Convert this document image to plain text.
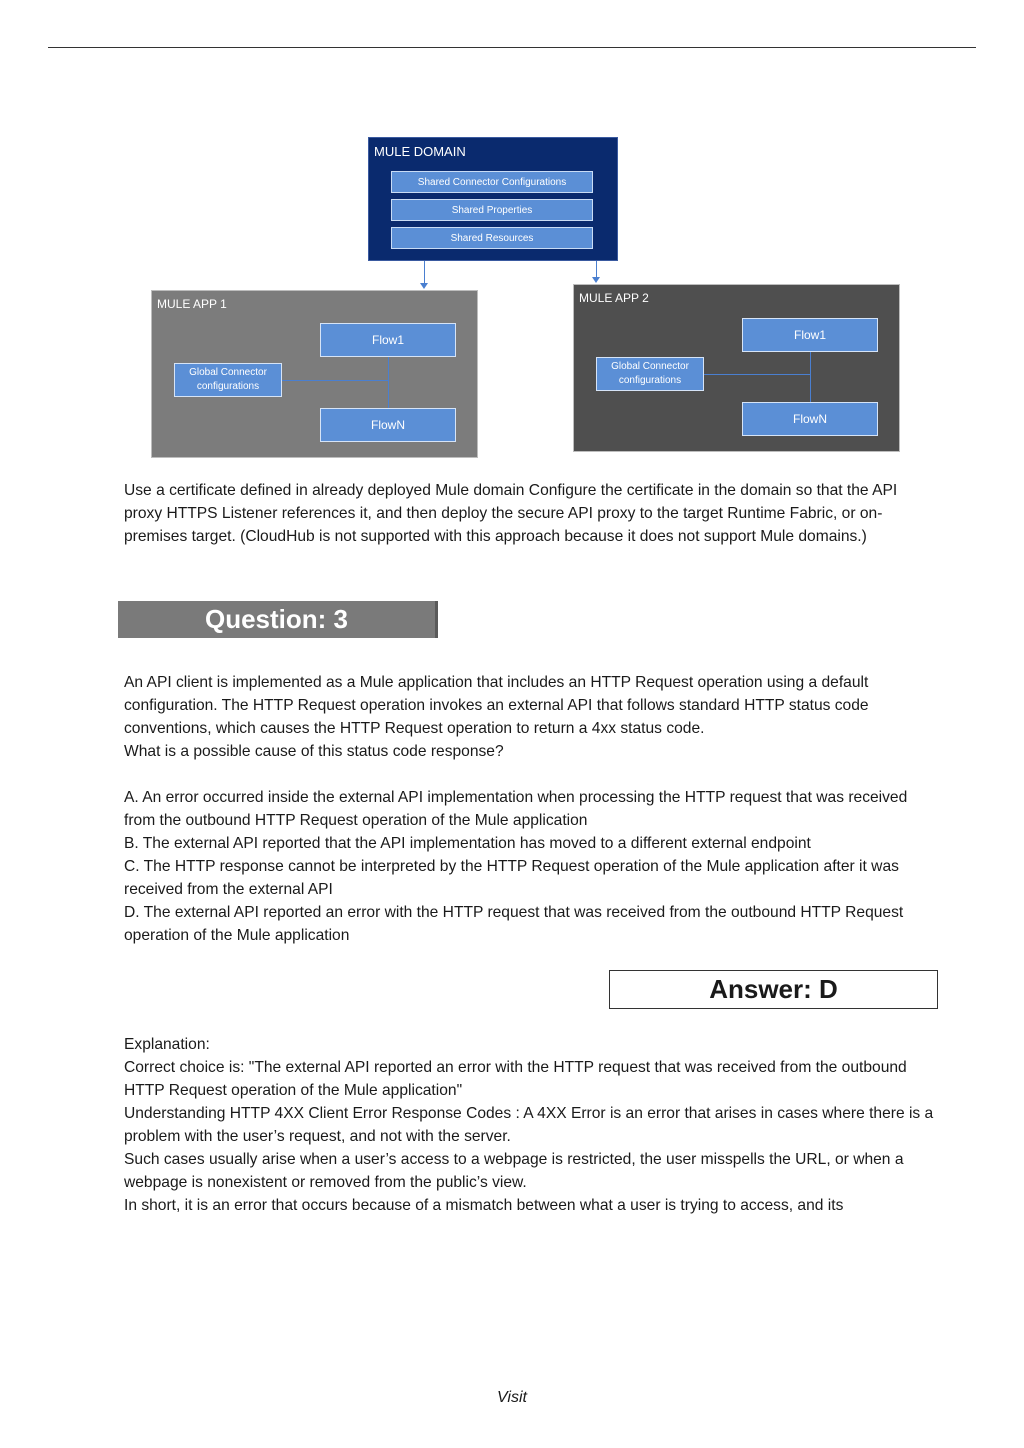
MULE DOMAIN
Shared Connector Configurations
Shared Properties
Shared Resources
MULE APP 1
Flow1
FlowN
Global Connector
configurations
MULE APP 2
Flow1
FlowN
Global Connector
configurations

Use a certificate defined in already deployed Mule domain Configure the certificate in the domain so that the API proxy HTTPS Listener references it, and then deploy the secure API proxy to the target Runtime Fabric, or on-premises target. (CloudHub is not supported with this approach because it does not support Mule domains.)

Question: 3

An API client is implemented as a Mule application that includes an HTTP Request operation using a default configuration. The HTTP Request operation invokes an external API that follows standard HTTP status code conventions, which causes the HTTP Request operation to return a 4xx status code.

What is a possible cause of this status code response?

A. An error occurred inside the external API implementation when processing the HTTP request that was received from the outbound HTTP Request operation of the Mule application

B. The external API reported that the API implementation has moved to a different external endpoint

C. The HTTP response cannot be interpreted by the HTTP Request operation of the Mule application after it was received from the external API

D. The external API reported an error with the HTTP request that was received from the outbound HTTP Request operation of the Mule application

Answer: D

Explanation:

Correct choice is: "The external API reported an error with the HTTP request that was received from the outbound HTTP Request operation of the Mule application"

Understanding HTTP 4XX Client Error Response Codes : A 4XX Error is an error that arises in cases where there is a problem with the user’s request, and not with the server.

Such cases usually arise when a user’s access to a webpage is restricted, the user misspells the URL, or when a webpage is nonexistent or removed from the public’s view.

In short, it is an error that occurs because of a mismatch between what a user is trying to access, and its

Visit
